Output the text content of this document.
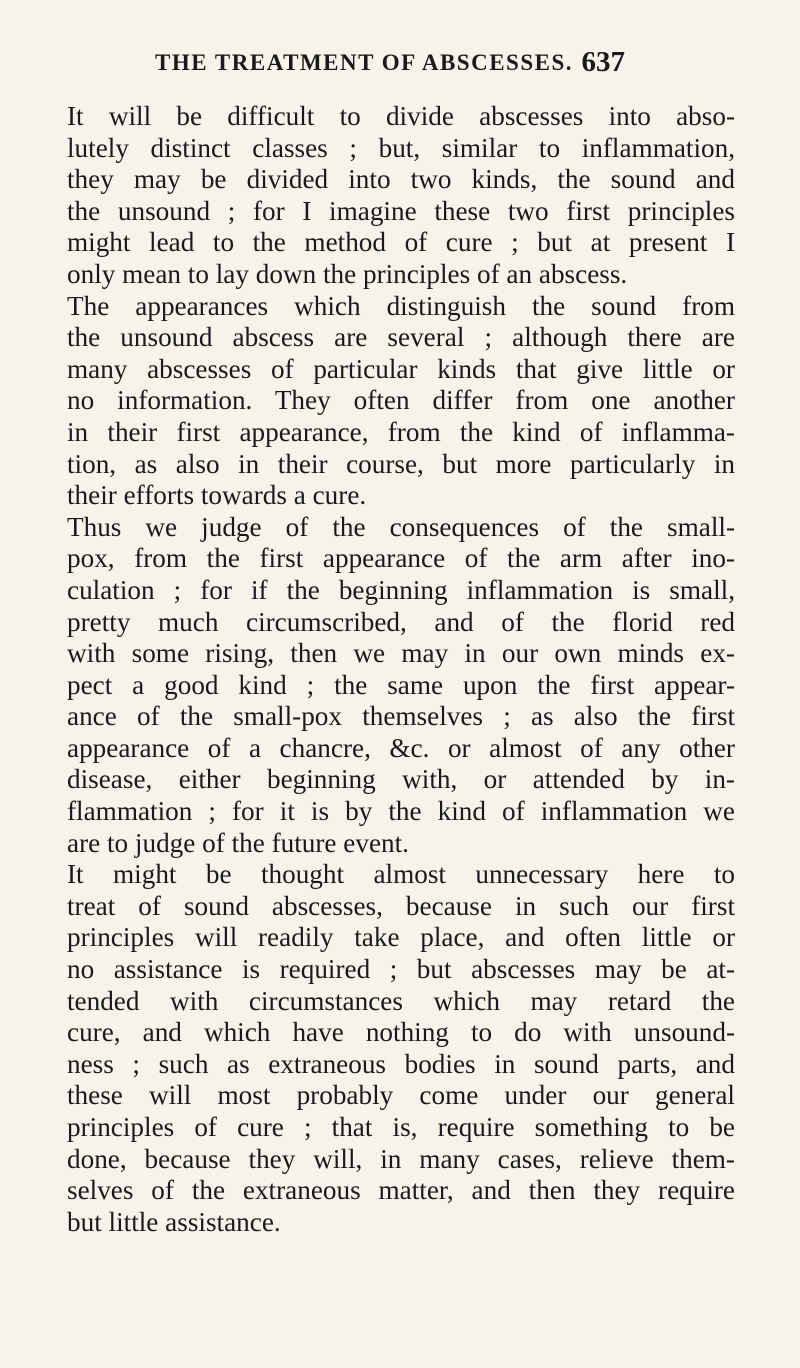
THE TREATMENT OF ABSCESSES. 637
It will be difficult to divide abscesses into abso-
lutely distinct classes ; but, similar to inflammation,
they may be divided into two kinds, the sound and
the unsound ; for I imagine these two first principles
might lead to the method of cure ; but at present I
only mean to lay down the principles of an abscess.
The appearances which distinguish the sound from
the unsound abscess are several ; although there are
many abscesses of particular kinds that give little or
no information. They often differ from one another
in their first appearance, from the kind of inflamma-
tion, as also in their course, but more particularly in
their efforts towards a cure.
Thus we judge of the consequences of the small-
pox, from the first appearance of the arm after ino-
culation ; for if the beginning inflammation is small,
pretty much circumscribed, and of the florid red
with some rising, then we may in our own minds ex-
pect a good kind ; the same upon the first appear-
ance of the small-pox themselves ; as also the first
appearance of a chancre, &c. or almost of any other
disease, either beginning with, or attended by in-
flammation ; for it is by the kind of inflammation we
are to judge of the future event.
It might be thought almost unnecessary here to
treat of sound abscesses, because in such our first
principles will readily take place, and often little or
no assistance is required ; but abscesses may be at-
tended with circumstances which may retard the
cure, and which have nothing to do with unsound-
ness ; such as extraneous bodies in sound parts, and
these will most probably come under our general
principles of cure ; that is, require something to be
done, because they will, in many cases, relieve them-
selves of the extraneous matter, and then they require
but little assistance.
